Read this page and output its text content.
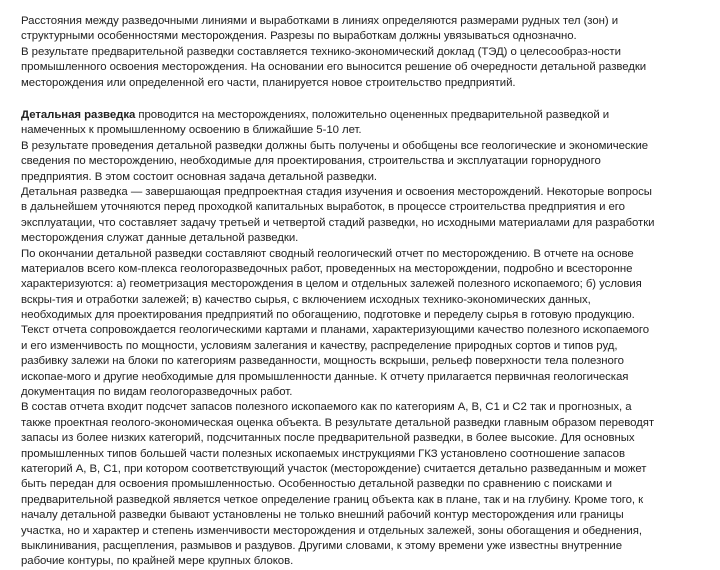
Расстояния между разведочными линиями и выработками в линиях определяются размерами рудных тел (зон) и
структурными особенностями месторождения. Разрезы по выработкам должны увязываться однозначно.
В результате предварительной разведки составляется технико-экономический доклад (ТЭД) о целесообраз-ности
промышленного освоения месторождения. На основании его выносится решение об очередности детальной разведки
месторождения или определенной его части, планируется новое строительство предприятий.
Детальная разведка проводится на месторождениях, положительно оцененных предварительной разведкой и
намеченных к промышленному освоению в ближайшие 5-10 лет.
В результате проведения детальной разведки должны быть получены и обобщены все геологические и экономические
сведения по месторождению, необходимые для проектирования, строительства и эксплуатации горнорудного
предприятия. В этом состоит основная задача детальной разведки.
Детальная разведка — завершающая предпроектная стадия изучения и освоения месторождений. Некоторые вопросы
в дальнейшем уточняются перед проходкой капитальных выработок, в процессе строительства предприятия и его
эксплуатации, что составляет задачу третьей и четвертой стадий разведки, но исходными материалами для разработки
месторождения служат данные детальной разведки.
По окончании детальной разведки составляют сводный геологический отчет по месторождению. В отчете на основе
материалов всего ком-плекса геологоразведочных работ, проведенных на месторождении, подробно и всесторонне
характеризуются: а) геометризация месторождения в целом и отдельных залежей полезного ископаемого; б) условия
вскры-тия и отработки залежей; в) качество сырья, с включением исходных технико-экономических данных,
необходимых для проектирования предприятий по обогащению, подготовке и переделу сырья в готовую продукцию.
Текст отчета сопровождается геологическими картами и планами, характеризующими качество полезного ископаемого
и его изменчивость по мощности, условиям залегания и качеству, распределение природных сортов и типов руд,
разбивку залежи на блоки по категориям разведанности, мощность вскрыши, рельеф поверхности тела полезного
ископае-мого и другие необходимые для промышленности данные. К отчету прилагается первичная геологическая
документация по видам геологоразведочных работ.
В состав отчета входит подсчет запасов полезного ископаемого как по категориям А, В, С1 и С2 так и прогнозных, а
также проектная геолого-экономическая оценка объекта. В результате детальной разведки главным образом переводят
запасы из более низких категорий, подсчитанных после предварительной разведки, в более высокие. Для основных
промышленных типов большей части полезных ископаемых инструкциями ГКЗ установлено соотношение запасов
категорий А, В, С1, при котором соответствующий участок (месторождение) считается детально разведанным и может
быть передан для освоения промышленностью. Особенностью детальной разведки по сравнению с поисками и
предварительной разведкой является четкое определение границ объекта как в плане, так и на глубину. Кроме того, к
началу детальной разведки бывают установлены не только внешний рабочий контур месторождения или границы
участка, но и характер и степень изменчивости месторождения и отдельных залежей, зоны обогащения и обеднения,
выклинивания, расщепления, размывов и раздувов. Другими словами, к этому времени уже известны внутренние
рабочие контуры, по крайней мере крупных блоков.
